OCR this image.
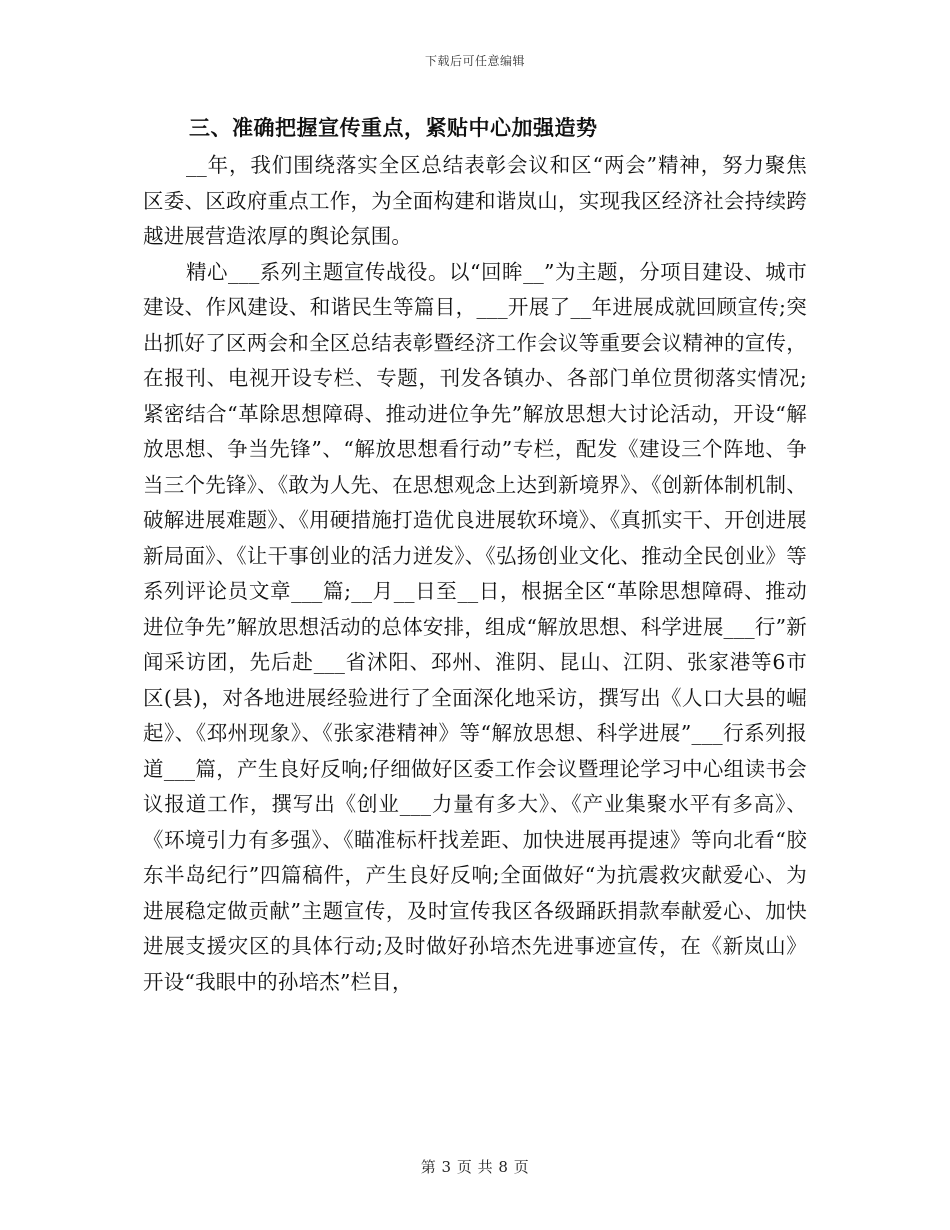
下载后可任意编辑
三、准确把握宣传重点，紧贴中心加强造势

__年，我们围绕落实全区总结表彰会议和区“两会”精神，努力聚焦区委、区政府重点工作，为全面构建和谐岚山，实现我区经济社会持续跨越进展营造浓厚的舆论氛围。

精心___系列主题宣传战役。以“回眸__”为主题，分项目建设、城市建设、作风建设、和谐民生等篇目，___开展了__年进展成就回顾宣传;突出抓好了区两会和全区总结表彰暨经济工作会议等重要会议精神的宣传，在报刊、电视开设专栏、专题，刊发各镇办、各部门单位贯彻落实情况;紧密结合“革除思想障碍、推动进位争先”解放思想大讨论活动，开设“解放思想、争当先锋”、“解放思想看行动”专栏，配发《建设三个阵地、争当三个先锋》、《敢为人先、在思想观念上达到新境界》、《创新体制机制、破解进展难题》、《用硬措施打造优良进展软环境》、《真抓实干、开创进展新局面》、《让干事创业的活力迸发》、《弘扬创业文化、推动全民创业》等系列评论员文章___篇;__月__日至__日，根据全区“革除思想障碍、推动进位争先”解放思想活动的总体安排，组成“解放思想、科学进展___行”新闻采访团，先后赴___省沭阳、邳州、淮阴、昆山、江阴、张家港等6市区(县)，对各地进展经验进行了全面深化地采访，撰写出《人口大县的崛起》、《邳州现象》、《张家港精神》等“解放思想、科学进展”___行系列报道___篇，产生良好反响;仔细做好区委工作会议暨理论学习中心组读书会议报道工作，撰写出《创业___力量有多大》、《产业集聚水平有多高》、《环境引力有多强》、《瞄准标杆找差距、加快进展再提速》等向北看“胶东半岛纪行”四篇稿件，产生良好反响;全面做好“为抗震救灾献爱心、为进展稳定做贡献”主题宣传，及时宣传我区各级踊跃捐款奉献爱心、加快进展支援灾区的具体行动;及时做好孙培杰先进事迹宣传，在《新岚山》开设“我眼中的孙培杰”栏目，

第 3 页 共 8 页
